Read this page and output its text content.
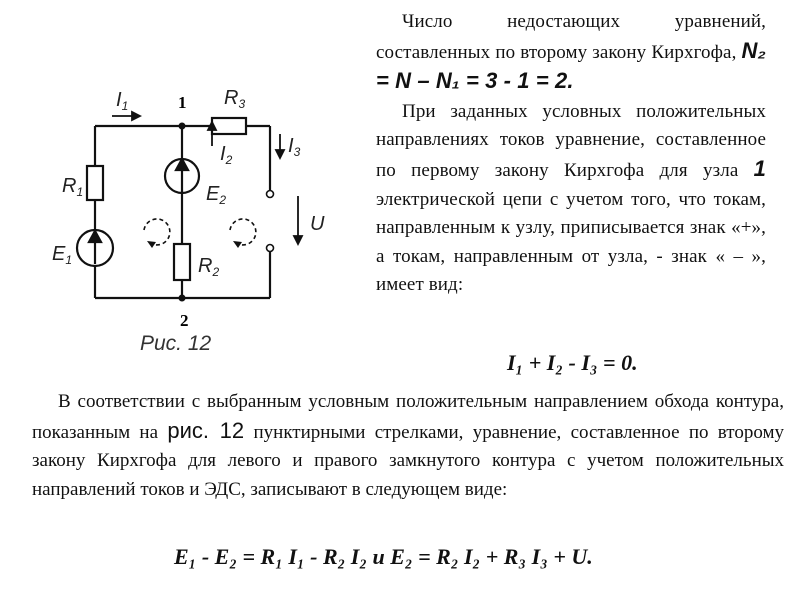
$I_1$
$I_2$
$I_3$
$R_3$
$R_1$
$R_2$
$E_1$
$E_2$
U
1
2
Рис. 12

Число недостающих уравнений, составленных по второму закону Кирхгофа, N₂ = N – N₁ = 3 - 1 = 2.

При заданных условных положительных направлениях токов уравнение, составленное по первому закону Кирхгофа для узла 1 электрической цепи с учетом того, что токам, направленным к узлу, приписывается знак «+», а токам, направленным от узла, - знак « – », имеет вид:

I₁ + I₂ - I₃ = 0.

В соответствии с выбранным условным положительным направлением обхода контура, показанным на рис. 12 пунктирными стрелками, уравнение, составленное по второму закону Кирхгофа для левого и правого замкнутого контура с учетом положительных направлений токов и ЭДС, записывают в следующем виде:

E₁ - E₂ = R₁ I₁ - R₂ I₂ и E₂ = R₂ I₂ + R₃ I₃ + U.
